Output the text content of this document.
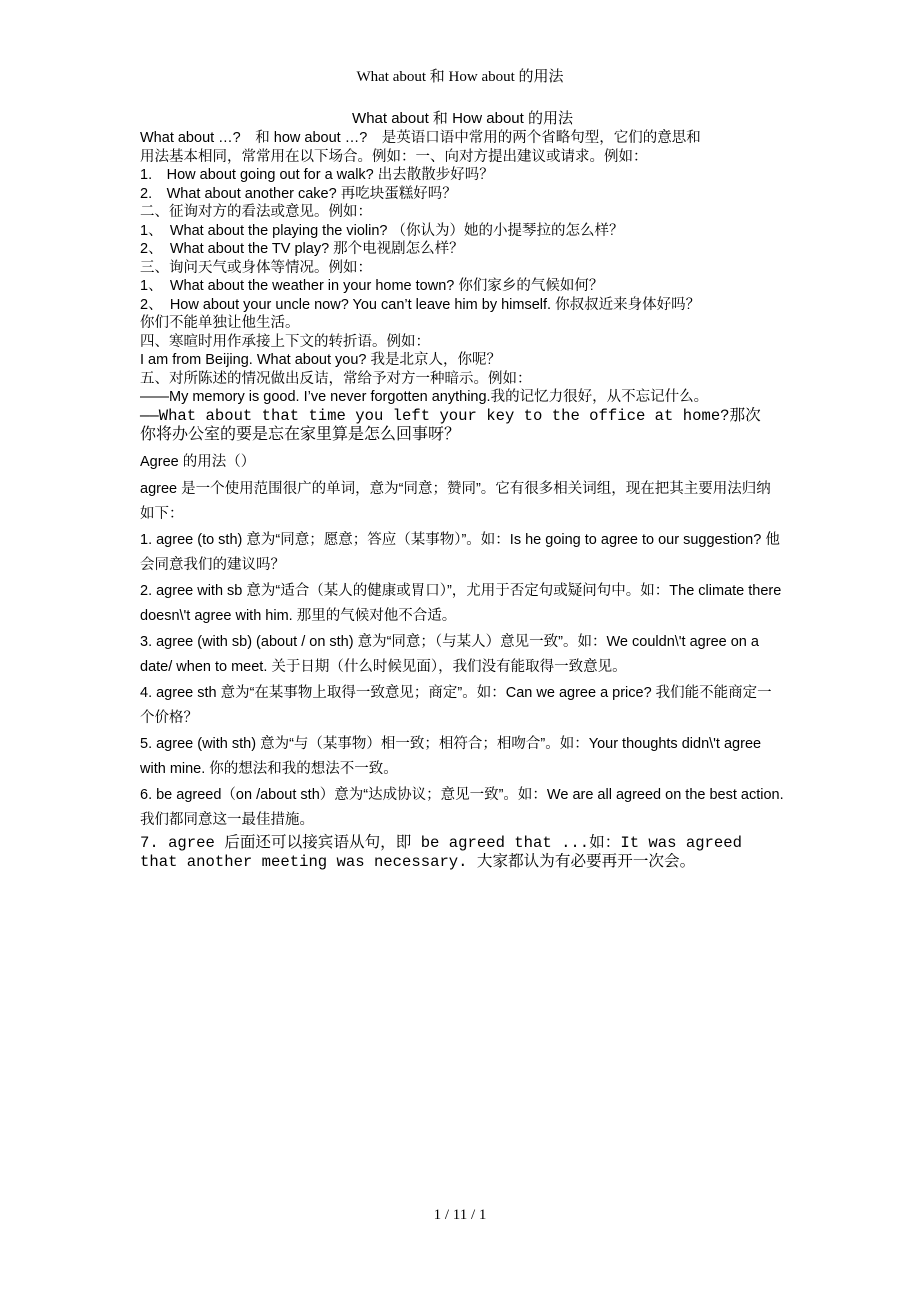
What about 和 How about 的用法
What about 和 How about 的用法
What about …?　和 how about …?　是英语口语中常用的两个省略句型，它们的意思和
用法基本相同，常常用在以下场合。例如：一、向对方提出建议或请求。例如：
1.　How about going out for a walk? 出去散散步好吗？
2.　What about another cake? 再吃块蛋糕好吗？
二、征询对方的看法或意见。例如：
1、　What about the playing the violin? （你认为）她的小提琴拉的怎么样？
2、　What about the TV play? 那个电视剧怎么样？
三、询问天气或身体等情况。例如：
1、　What about the weather in your home town? 你们家乡的气候如何？
2、　How about your uncle now? You can’t leave him by himself. 你叔叔近来身体好吗？
你们不能单独让他生活。
四、寒暄时用作承接上下文的转折语。例如：
I am from Beijing. What about you? 我是北京人，你呢？
五、对所陈述的情况做出反诘，常给予对方一种暗示。例如：
——My memory is good. I’ve never forgotten anything.我的记忆力很好，从不忘记什么。
——What about that time you left your key to the office at home?那次
你将办公室的要是忘在家里算是怎么回事呀？
Agree 的用法（）
agree 是一个使用范围很广的单词，意为“同意；赞同”。它有很多相关词组，现在把其主要用法归纳如下：
1. agree (to sth) 意为“同意；愿意；答应（某事物）”。如：Is he going to agree to our suggestion? 他会同意我们的建议吗？
2. agree with sb 意为“适合（某人的健康或胃口）”，尤用于否定句或疑问句中。如：The climate there doesn\'t agree with him. 那里的气候对他不合适。
3. agree (with sb) (about / on sth) 意为“同意；（与某人）意见一致”。如：We couldn\'t agree on a date/ when to meet. 关于日期（什么时候见面），我们没有能取得一致意见。
4. agree sth 意为“在某事物上取得一致意见；商定”。如：Can we agree a price? 我们能不能商定一个价格？
5. agree (with sth) 意为“与（某事物）相一致；相符合；相吻合”。如：Your thoughts didn\'t agree with mine. 你的想法和我的想法不一致。
6. be agreed（on /about sth）意为“达成协议；意见一致”。如：We are all agreed on the best action. 我们都同意这一最佳措施。
7. agree 后面还可以接宾语从句，即 be agreed that ...如：It was agreed
that another meeting was necessary. 大家都认为有必要再开一次会。
1 / 11 / 1
